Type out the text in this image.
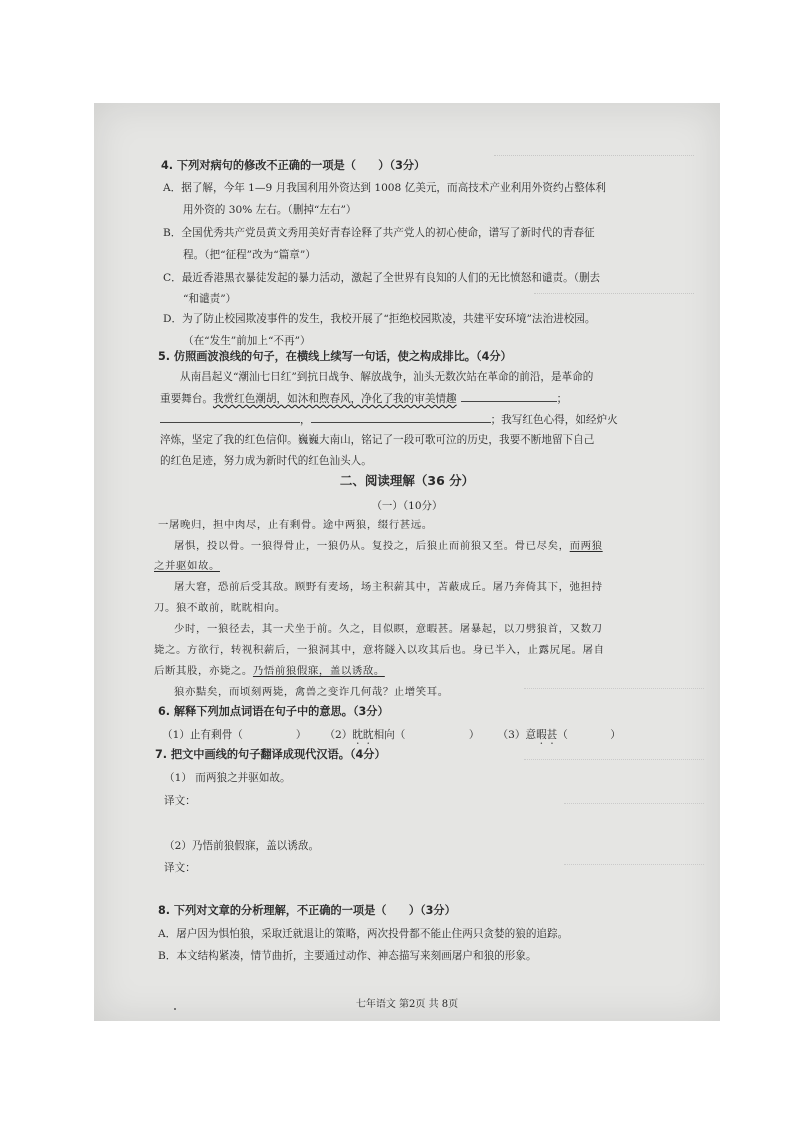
4. 下列对病句的修改不正确的一项是（　　）（3分）
A．据了解，今年 1—9 月我国利用外资达到 1008 亿美元，而高技术产业利用外资约占整体利
用外资的 30% 左右。（删掉“左右”）
B．全国优秀共产党员黄文秀用美好青春诠释了共产党人的初心使命，谱写了新时代的青春征
程。（把“征程”改为“篇章”）
C．最近香港黑衣暴徒发起的暴力活动，激起了全世界有良知的人们的无比愤怒和谴责。（删去
“和谴责”）
D．为了防止校园欺凌事件的发生，我校开展了“拒绝校园欺凌，共建平安环境”法治进校园。
（在“发生”前加上“不再”）
5. 仿照画波浪线的句子，在横线上续写一句话，使之构成排比。（4分）
从南昌起义“潮汕七日红”到抗日战争、解放战争，汕头无数次站在革命的前沿，是革命的
重要舞台。我赏红色潮胡，如沐和煦春风，净化了我的审美情趣	；
，	；我写红色心得，如经炉火
淬炼，坚定了我的红色信仰。巍巍大南山，铭记了一段可歌可泣的历史，我要不断地留下自己
的红色足迹，努力成为新时代的红色汕头人。
二、阅读理解（36 分）
（一）（10分）
一屠晚归，担中肉尽，止有剩骨。途中两狼，缀行甚远。
屠惧，投以骨。一狼得骨止，一狼仍从。复投之，后狼止而前狼又至。骨已尽矣，而两狼
之并驱如故。
屠大窘，恐前后受其敌。顾野有麦场，场主积薪其中，苫蔽成丘。屠乃奔倚其下，弛担持
刀。狼不敢前，眈眈相向。
少时，一狼径去，其一犬坐于前。久之，目似瞑，意暇甚。屠暴起，以刀劈狼首，又数刀
毙之。方欲行，转视积薪后，一狼洞其中，意将隧入以攻其后也。身已半入，止露尻尾。屠自
后断其股，亦毙之。乃悟前狼假寐，盖以诱敌。
狼亦黠矣，而顷刻两毙，禽兽之变诈几何哉？止增笑耳。
6. 解释下列加点词语在句子中的意思。（3分）
（1）止有剩骨（　　　　　） （2）眈眈相向（　　　　　　） （3）意暇甚（　　　　）
7. 把文中画线的句子翻译成现代汉语。（4分）
（1） 而两狼之并驱如故。
译文：
（2）乃悟前狼假寐，盖以诱敌。
译文：
8. 下列对文章的分析理解，不正确的一项是（　　）（3分）
A．屠户因为惧怕狼，采取迁就退让的策略，两次投骨都不能止住两只贪婪的狼的追踪。
B．本文结构紧凑，情节曲折，主要通过动作、神态描写来刻画屠户和狼的形象。
七年语文 第2页 共 8页
